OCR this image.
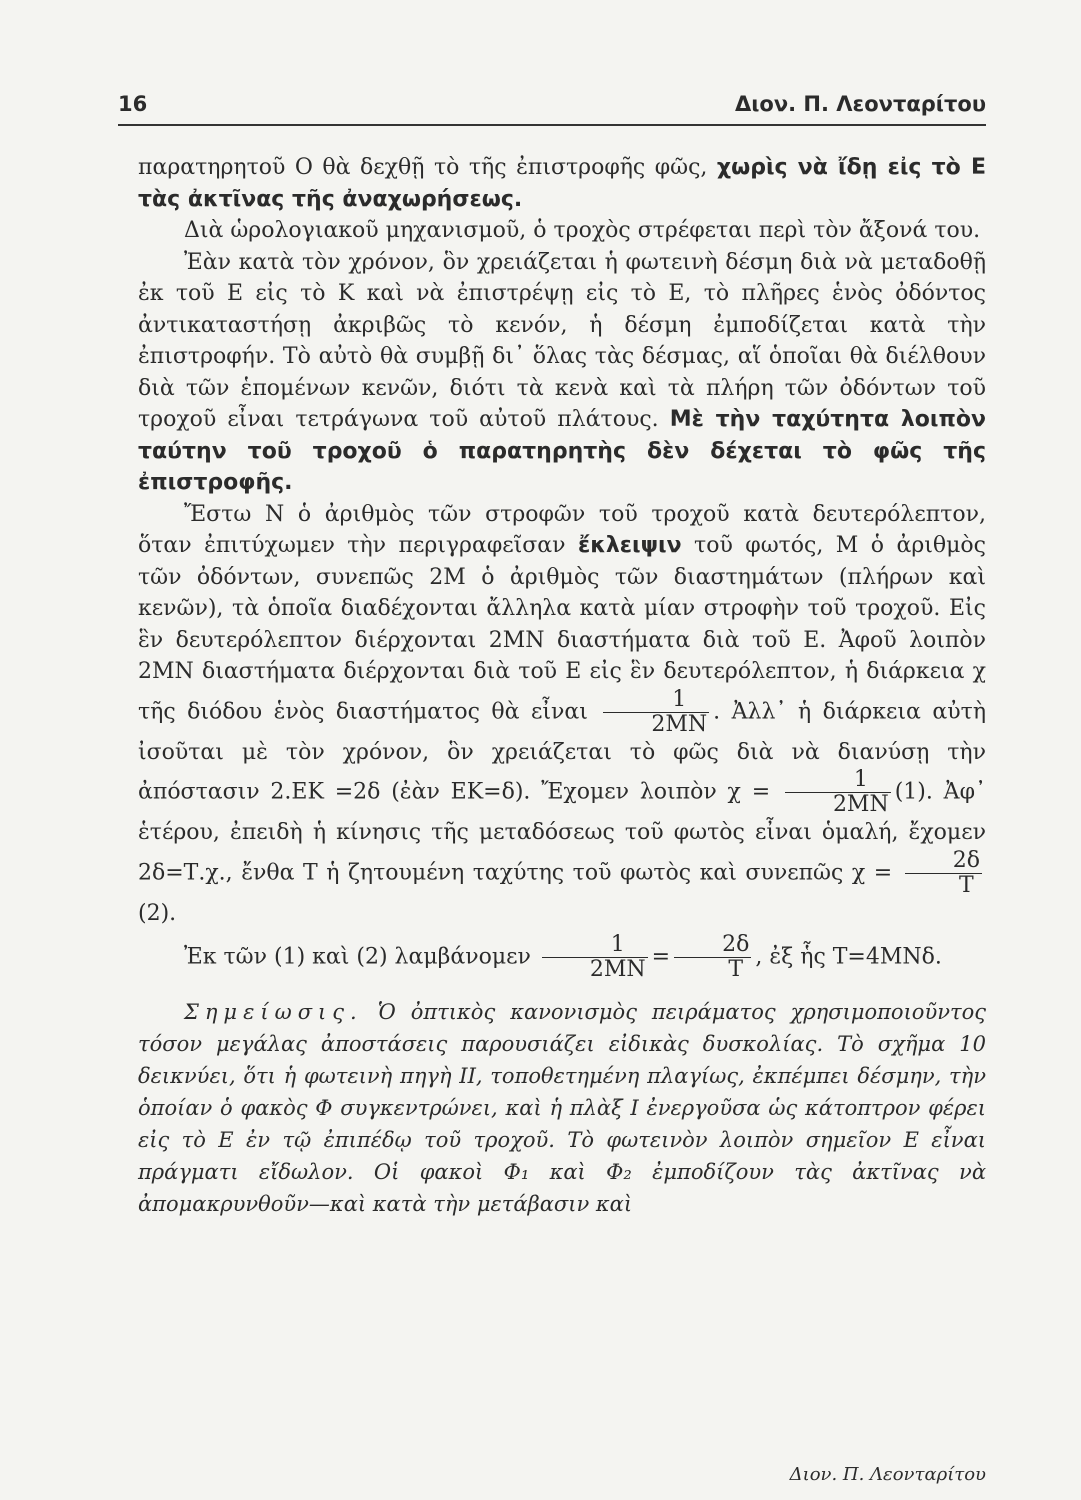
16	Διον. Π. Λεονταρίτου

παρατηρητοῦ Ο θὰ δεχθῇ τὸ τῆς ἐπιστροφῆς φῶς, χωρὶς νὰ ἴδῃ εἰς τὸ Ε τὰς ἀκτῖνας τῆς ἀναχωρήσεως.

Διὰ ὡρολογιακοῦ μηχανισμοῦ, ὁ τροχὸς στρέφεται περὶ τὸν ἄξονά του.

Ἐὰν κατὰ τὸν χρόνον, ὃν χρειάζεται ἡ φωτεινὴ δέσμη διὰ νὰ μεταδοθῇ ἐκ τοῦ Ε εἰς τὸ Κ καὶ νὰ ἐπιστρέψῃ εἰς τὸ Ε, τὸ πλῆρες ἑνὸς ὀδόντος ἀντικαταστήσῃ ἀκριβῶς τὸ κενόν, ἡ δέσμη ἐμποδίζεται κατὰ τὴν ἐπιστροφήν. Τὸ αὐτὸ θὰ συμβῇ δι᾿ ὅλας τὰς δέσμας, αἵ ὁποῖαι θὰ διέλθουν διὰ τῶν ἑπομένων κενῶν, διότι τὰ κενὰ καὶ τὰ πλήρη τῶν ὀδόντων τοῦ τροχοῦ εἶναι τετράγωνα τοῦ αὐτοῦ πλάτους. Μὲ τὴν ταχύτητα λοιπὸν ταύτην τοῦ τροχοῦ ὁ παρατηρητὴς δὲν δέχεται τὸ φῶς τῆς ἐπιστροφῆς.

Ἔστω Ν ὁ ἀριθμὸς τῶν στροφῶν τοῦ τροχοῦ κατὰ δευτερόλεπτον, ὅταν ἐπιτύχωμεν τὴν περιγραφεῖσαν ἔκλειψιν τοῦ φωτός, Μ ὁ ἀριθμὸς τῶν ὀδόντων, συνεπῶς 2Μ ὁ ἀριθμὸς τῶν διαστημάτων (πλήρων καὶ κενῶν), τὰ ὁποῖα διαδέχονται ἄλληλα κατὰ μίαν στροφὴν τοῦ τροχοῦ. Εἰς ἓν δευτερόλεπτον διέρχονται 2ΜΝ διαστήματα διὰ τοῦ Ε. Ἀφοῦ λοιπὸν 2ΜΝ διαστήματα διέρχονται διὰ τοῦ Ε εἰς ἓν δευτερόλεπτον, ἡ διάρκεια χ τῆς διόδου ἑνὸς διαστήματος θὰ εἶναι $\frac{1}{2MN}$ . Ἀλλ᾿ ἡ διάρκεια αὐτὴ ἰσοῦται μὲ τὸν χρόνον, ὃν χρειάζεται τὸ φῶς διὰ νὰ διανύσῃ τὴν ἀπόστασιν 2.ΕΚ =2δ (ἐὰν ΕΚ=δ). Ἔχομεν λοιπὸν $\chi = \frac{1}{2MN} (1)$. Ἀφ᾿ ἑτέρου, ἐπειδὴ ἡ κίνησις τῆς μεταδόσεως τοῦ φωτὸς εἶναι ὁμαλή, ἔχομεν 2δ=Τ.χ., ἔνθα Τ ἡ ζητουμένη ταχύτης τοῦ φωτὸς καὶ συνεπῶς $\chi = \frac{2\delta}{T}$
(2).

Ἐκ τῶν (1) καὶ (2) λαμβάνομεν $\frac{1}{2MN} = \frac{2\delta}{T}$ , ἐξ ἧς Τ=4ΜΝδ.

Σημείωσις. Ὁ ὀπτικὸς κανονισμὸς πειράματος χρησιμοποιοῦντος τόσον μεγάλας ἀποστάσεις παρουσιάζει εἰδικὰς δυσκολίας. Τὸ σχῆμα 10 δεικνύει, ὅτι ἡ φωτεινὴ πηγὴ ΙΙ, τοποθετημένη πλαγίως, ἐκπέμπει δέσμην, τὴν ὁποίαν ὁ φακὸς Φ συγκεντρώνει, καὶ ἡ πλὰξ Ι ἐνεργοῦσα ὡς κάτοπτρον φέρει εἰς τὸ Ε ἐν τῷ ἐπιπέδῳ τοῦ τροχοῦ. Τὸ φωτεινὸν λοιπὸν σημεῖον Ε εἶναι πράγματι εἴδωλον. Οἱ φακοὶ Φ₁ καὶ Φ₂ ἐμποδίζουν τὰς ἀκτῖνας νὰ ἀπομακρυνθοῦν—καὶ κατὰ τὴν μετάβασιν καὶ

Διον. Π. Λεονταρίτου
